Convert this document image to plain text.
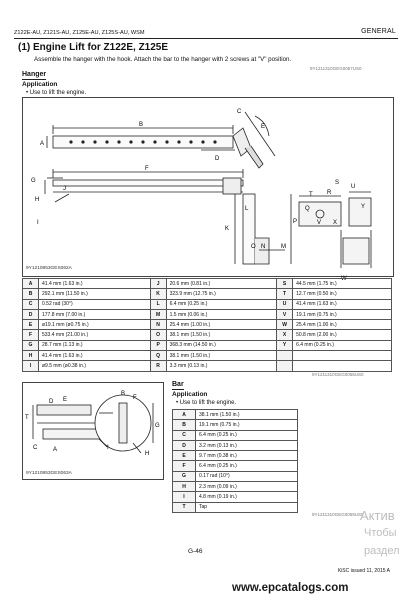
Z122E-AU, Z121S-AU, Z125E-AU, Z125S-AU, WSM	GENERAL
(1) Engine Lift for Z122E, Z125E
Assemble the hanger with the hook. Attach the bar to the hanger with 2 screws at "V" position.
9Y1211310GEG0057US0
Hanger
Application
• Use to lift the engine.
A
B
C
D
E
F
G
H
I
J
K
L
M
N
O
P
Q
R
S
T
U
V
W
X
Y
9Y1210853GES062A
A	41.4 mm (1.63 in.)	J	20.6 mm (0.81 in.)	S	44.5 mm (1.75 in.)
B	292.1 mm (11.50 in.)	K	323.9 mm (12.75 in.)	T	12.7 mm (0.50 in.)
C	0.52 rad (30°)	L	6.4 mm (0.25 in.)	U	41.4 mm (1.63 in.)
D	177.8 mm (7.00 in.)	M	1.5 mm (0.06 in.)	V	19.1 mm (0.75 in.)
E	ø19.1 mm (ø0.75 in.)	N	25.4 mm (1.00 in.)	W	25.4 mm (1.00 in.)
F	533.4 mm (21.00 in.)	O	38.1 mm (1.50 in.)	X	50.8 mm (2.00 in.)
G	28.7 mm (1.13 in.)	P	368.3 mm (14.50 in.)	Y	6.4 mm (0.25 in.)
H	41.4 mm (1.63 in.)	Q	38.1 mm (1.50 in.)		
I	ø9.5 mm (ø0.38 in.)	R	3.3 mm (0.13 in.)		
9Y1211310GEG0058US0
E
D
T
C	A
B
F
G
H
I
9Y1210853GES063A
Bar
Application
• Use to lift the engine.
A	38.1 mm (1.50 in.)
B	19.1 mm (0.75 in.)
C	6.4 mm (0.25 in.)
D	3.2 mm (0.13 in.)
E	9.7 mm (0.38 in.)
F	6.4 mm (0.25 in.)
G	0.17 rad (10°)
H	2.3 mm (0.09 in.)
I	4.8 mm (0.19 in.)
T	Tap
9Y1211310GEG0059US0
Актив
Чтобы
раздел
G-46
KiSC issued 11, 2015 A
www.epcatalogs.com
